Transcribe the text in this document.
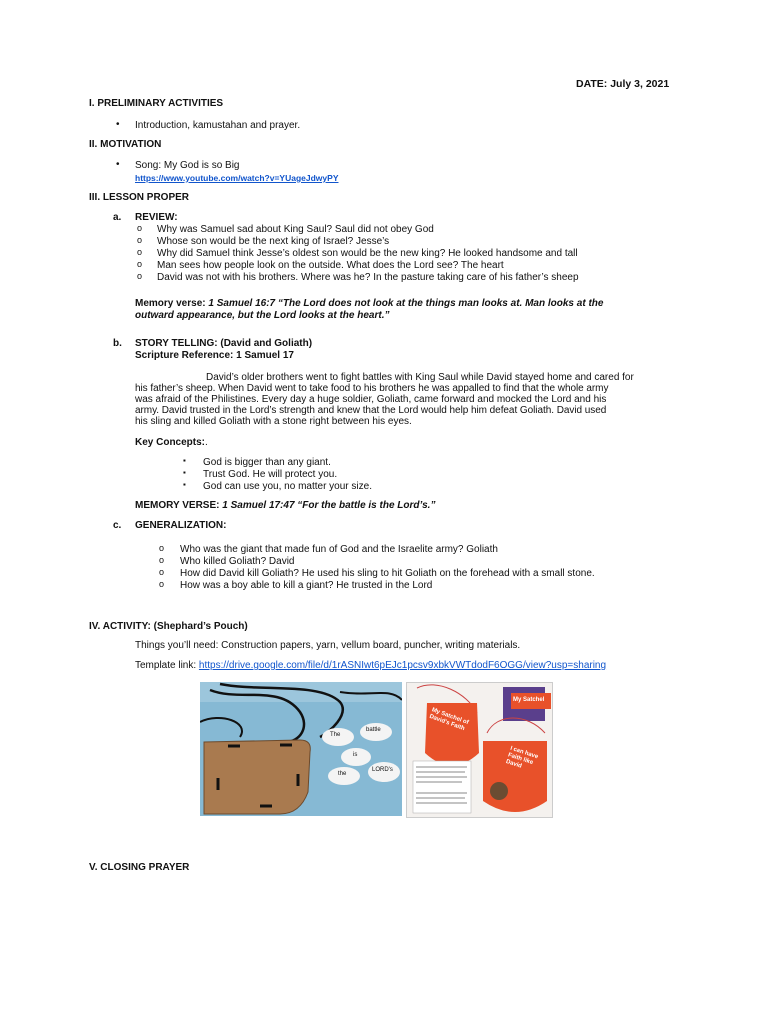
DATE: July 3, 2021
I. PRELIMINARY ACTIVITIES
• Introduction, kamustahan and prayer.
II. MOTIVATION
• Song: My God is so Big
https://www.youtube.com/watch?v=YUageJdwyPY
III. LESSON PROPER
a. REVIEW:
o Why was Samuel sad about King Saul? Saul did not obey God
o Whose son would be the next king of Israel? Jesse’s
o Why did Samuel think Jesse’s oldest son would be the new king? He looked handsome and tall
o Man sees how people look on the outside. What does the Lord see? The heart
o David was not with his brothers. Where was he? In the pasture taking care of his father’s sheep
Memory verse: 1 Samuel 16:7 “The Lord does not look at the things man looks at. Man looks at the
outward appearance, but the Lord looks at the heart.”
b. STORY TELLING: (David and Goliath)
Scripture Reference: 1 Samuel 17
David’s older brothers went to fight battles with King Saul while David stayed home and cared for
his father’s sheep. When David went to take food to his brothers he was appalled to find that the whole army
was afraid of the Philistines. Every day a huge soldier, Goliath, came forward and mocked the Lord and his
army. David trusted in the Lord’s strength and knew that the Lord would help him defeat Goliath. David used
his sling and killed Goliath with a stone right between his eyes.
Key Concepts:.
▪ God is bigger than any giant.
▪ Trust God. He will protect you.
▪ God can use you, no matter your size.
MEMORY VERSE: 1 Samuel 17:47 “For the battle is the Lord’s.”
c. GENERALIZATION:
o Who was the giant that made fun of God and the Israelite army? Goliath
o Who killed Goliath? David
o How did David kill Goliath? He used his sling to hit Goliath on the forehead with a small stone.
o How was a boy able to kill a giant? He trusted in the Lord
IV. ACTIVITY: (Shephard’s Pouch)
Things you’ll need: Construction papers, yarn, vellum board, puncher, writing materials.
Template link: https://drive.google.com/file/d/1rASNIwt6pEJc1pcsv9xbkVWTdodF6OGG/view?usp=sharing
The
battle
is
the
LORD's
My Satchel of David's Faith
My Satchel
I can have Faith like David
V. CLOSING PRAYER
